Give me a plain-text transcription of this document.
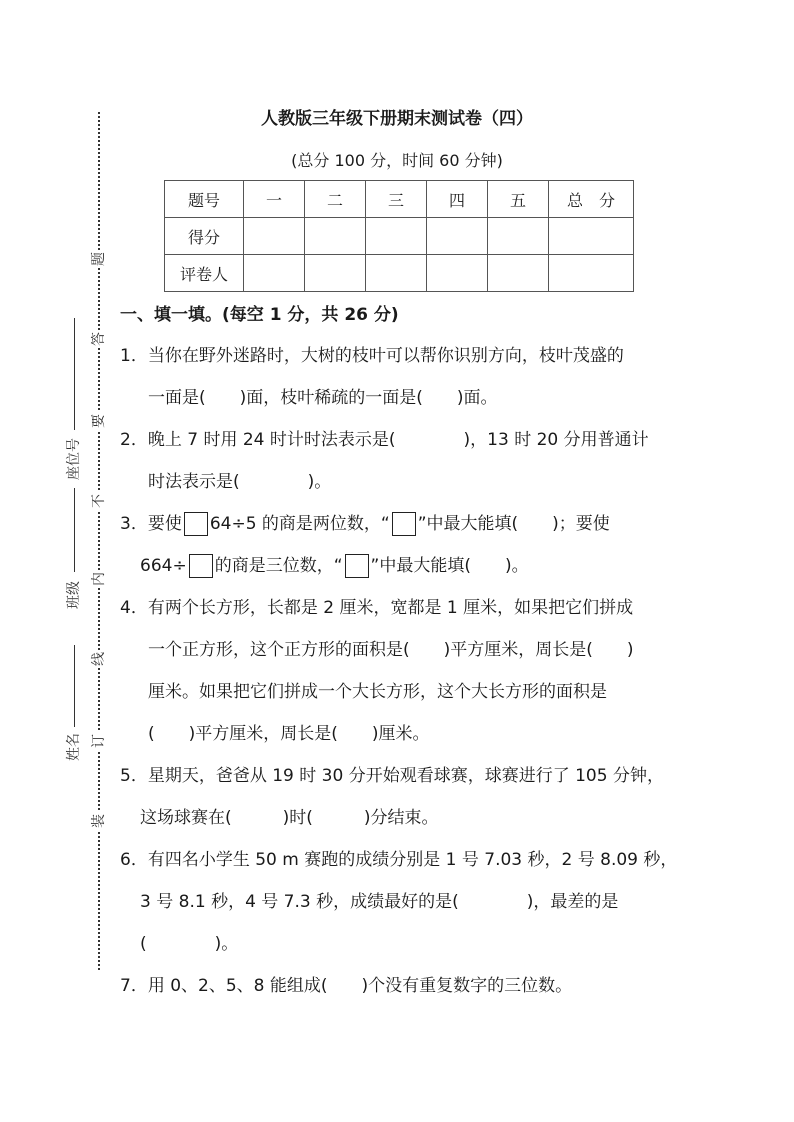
题
答
要
不
内
线
订
装
座位号
班级
姓名
人教版三年级下册期末测试卷（四）
(总分 100 分，时间 60 分钟)
题号	一	二	三	四	五	总　分
得分						
评卷人						
一、填一填。(每空 1 分，共 26 分)
1．当你在野外迷路时，大树的枝叶可以帮你识别方向，枝叶茂盛的
一面是(　　)面，枝叶稀疏的一面是(　　)面。
2．晚上 7 时用 24 时计时法表示是(　　　　)，13 时 20 分用普通计
时法表示是(　　　　)。
3．要使 64÷5 的商是两位数，“ ”中最大能填(　　)；要使
664÷ 的商是三位数，“ ”中最大能填(　　)。
4．有两个长方形，长都是 2 厘米，宽都是 1 厘米，如果把它们拼成
一个正方形，这个正方形的面积是(　　)平方厘米，周长是(　　)
厘米。如果把它们拼成一个大长方形，这个大长方形的面积是
(　　)平方厘米，周长是(　　)厘米。
5．星期天，爸爸从 19 时 30 分开始观看球赛，球赛进行了 105 分钟，
这场球赛在(　　　)时(　　　)分结束。
6．有四名小学生 50 m 赛跑的成绩分别是 1 号 7.03 秒，2 号 8.09 秒，
3 号 8.1 秒，4 号 7.3 秒，成绩最好的是(　　　　)，最差的是
(　　　　)。
7．用 0、2、5、8 能组成(　　)个没有重复数字的三位数。
